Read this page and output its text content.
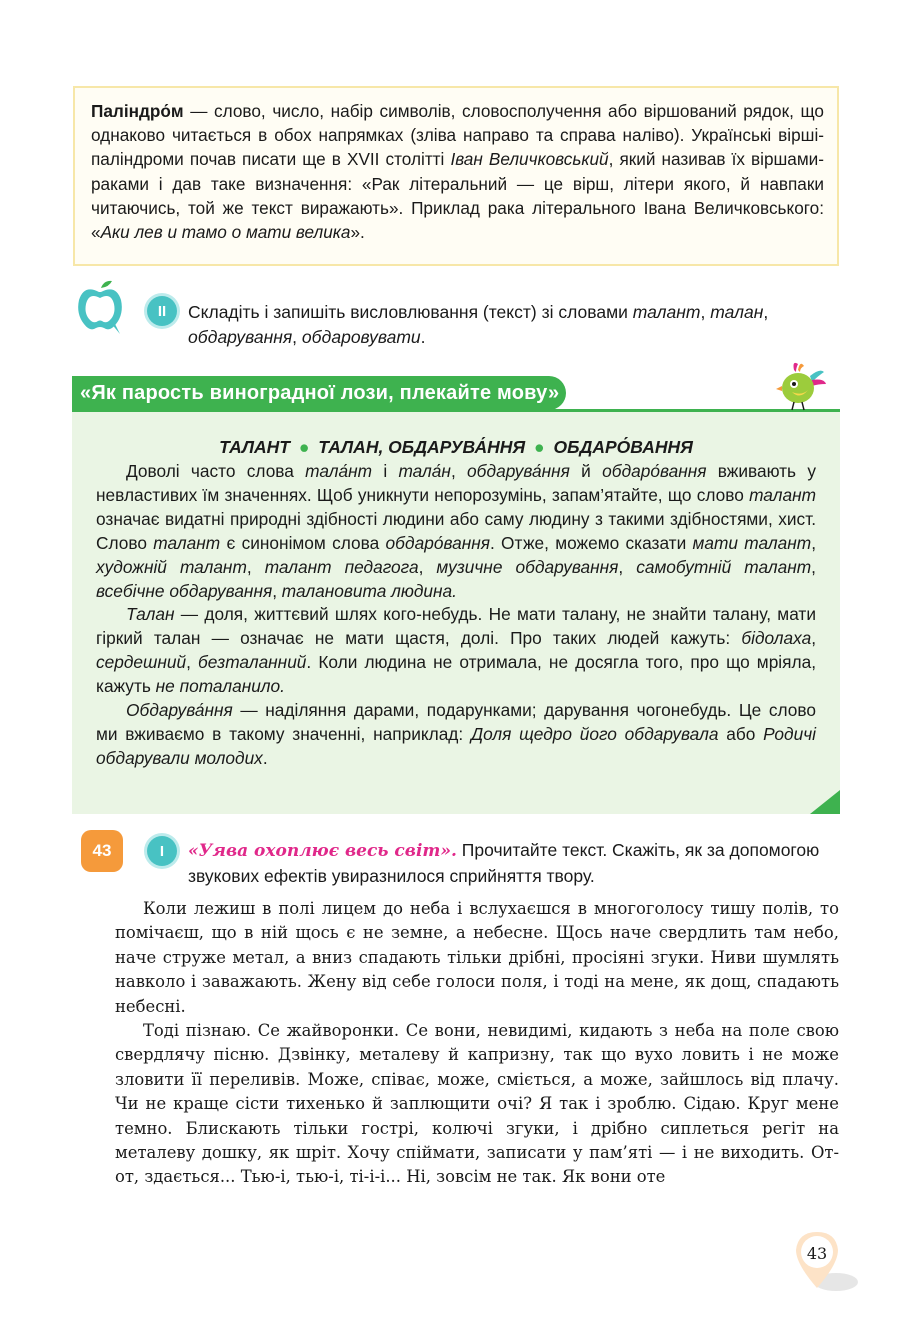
Паліндро́м — слово, число, набір символів, словосполучення або віршований рядок, що однаково читається в обох напрямках (зліва направо та справа наліво). Українські вірші-паліндроми почав писати ще в XVII столітті Іван Величковський, який називав їх віршами-раками і дав таке визначення: «Рак літеральний — це вірш, літери якого, й навпаки читаючись, той же текст виражають». Приклад рака літерального Івана Величковського: «Аки лев и тамо о мати велика».
II	Складіть і запишіть висловлювання (текст) зі словами талант, талан, обдарування, обдаровувати.
«Як парость виноградної лози, плекайте мову»
ТАЛАНТ ● ТАЛАН, ОБДАРУВА́ННЯ ● ОБДАРО́ВАННЯ

Доволі часто слова тала́нт і тала́н, обдарува́ння й обдаро́вання вживають у невластивих їм значеннях. Щоб уникнути непорозумінь, запам’ятайте, що слово талант означає видатні природні здібності людини або саму людину з такими здібностями, хист. Слово талант є синонімом слова обдаро́вання. Отже, можемо сказати мати талант, художній талант, талант педагога, музичне обдарування, самобутній талант, всебічне обдарування, талановита людина.

Талан — доля, життєвий шлях кого-небудь. Не мати талану, не знайти талану, мати гіркий талан — означає не мати щастя, долі. Про таких людей кажуть: бідолаха, сердешний, безталанний. Коли людина не отримала, не досягла того, про що мріяла, кажуть не поталанило.

Обдарува́ння — наділяння дарами, подарунками; дарування чогонебудь. Це слово ми вживаємо в такому значенні, наприклад: Доля щедро його обдарувала або Родичі обдарували молодих.

43	I	«Уява охоплює весь світ». Прочитайте текст. Скажіть, як за допомогою звукових ефектів увиразнилося сприйняття твору.

Коли лежиш в полі лицем до неба і вслухаєшся в многоголосу тишу полів, то помічаєш, що в ній щось є не земне, а небесне. Щось наче свердлить там небо, наче струже метал, а вниз спадають тільки дрібні, просіяні згуки. Ниви шумлять навколо і заважають. Жену від себе голоси поля, і тоді на мене, як дощ, спадають небесні.

Тоді пізнаю. Се жайворонки. Се вони, невидимі, кидають з неба на поле свою свердлячу пісню. Дзвінку, металеву й капризну, так що вухо ловить і не може зловити її переливів. Може, співає, може, сміється, а може, зайшлось від плачу. Чи не краще сісти тихенько й заплющити очі? Я так і зроблю. Сідаю. Круг мене темно. Блискають тільки гострі, колючі згуки, і дрібно сиплеться регіт на металеву дошку, як шріт. Хочу спіймати, записати у пам’яті — і не виходить. От-от, здається... Тью-і, тью-і, ті-і-і... Ні, зовсім не так. Як вони оте

43
